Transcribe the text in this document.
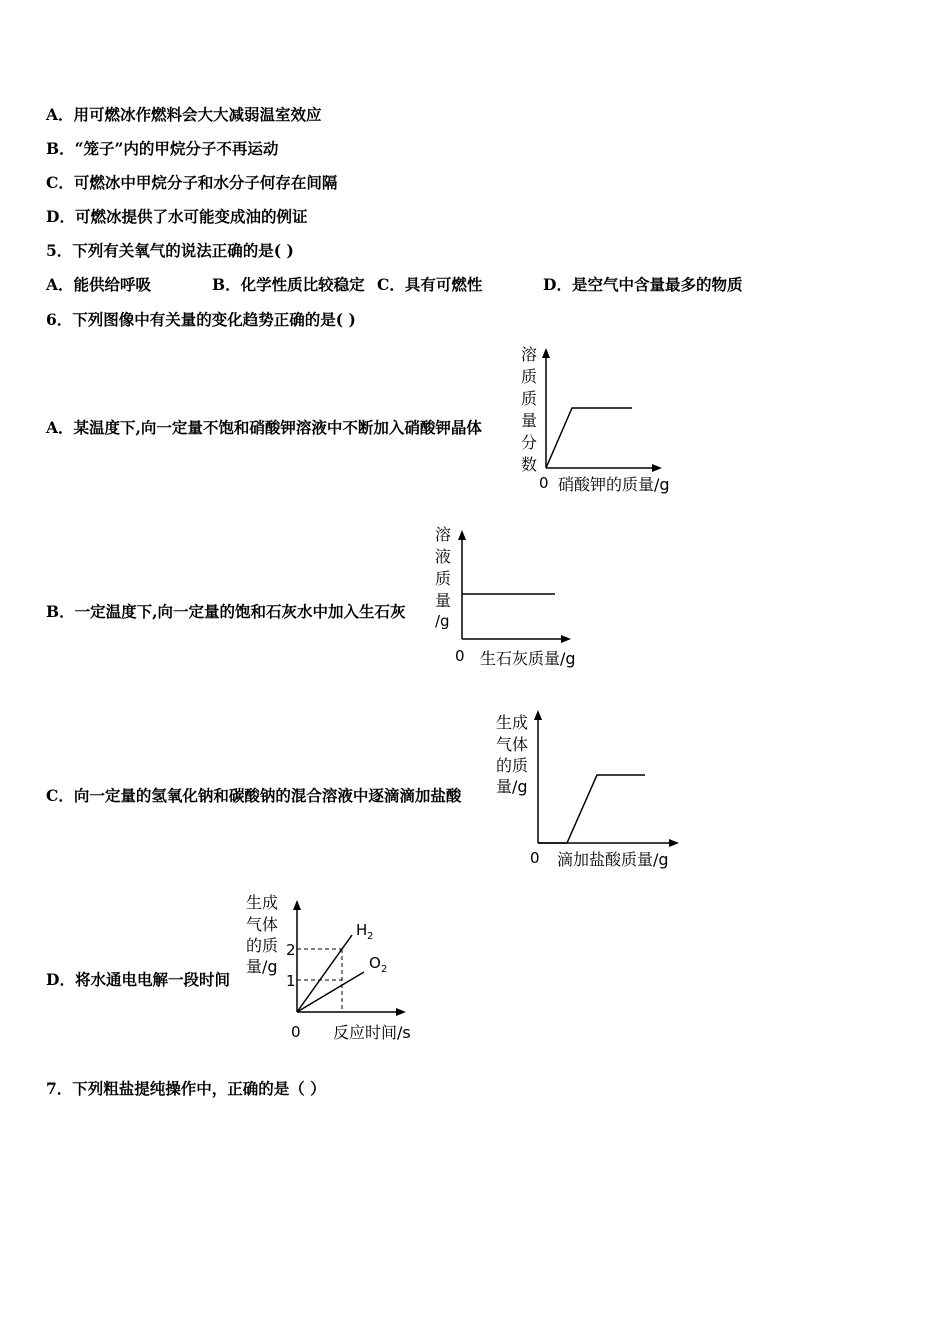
A．用可燃冰作燃料会大大减弱温室效应
B．“笼子”内的甲烷分子不再运动
C．可燃冰中甲烷分子和水分子何存在间隔
D．可燃冰提供了水可能变成油的例证
5．下列有关氧气的说法正确的是( )
A．能供给呼吸	B．化学性质比较稳定 C．具有可燃性	D．是空气中含量最多的物质
6．下列图像中有关量的变化趋势正确的是( )
A．某温度下,向一定量不饱和硝酸钾溶液中不断加入硝酸钾晶体
溶
质
质
量
分
数
0 硝酸钾的质量/g
B．一定温度下,向一定量的饱和石灰水中加入生石灰
溶
液
质
量
/g
0 生石灰质量/g
C．向一定量的氢氧化钠和碳酸钠的混合溶液中逐滴滴加盐酸
生成
气体
的质
量/g
0 滴加盐酸质量/g
D．将水通电电解一段时间
生成
气体
的质
量/g
2
1
H 2
O 2
0 反应时间/s
7．下列粗盐提纯操作中，正确的是（ ）
